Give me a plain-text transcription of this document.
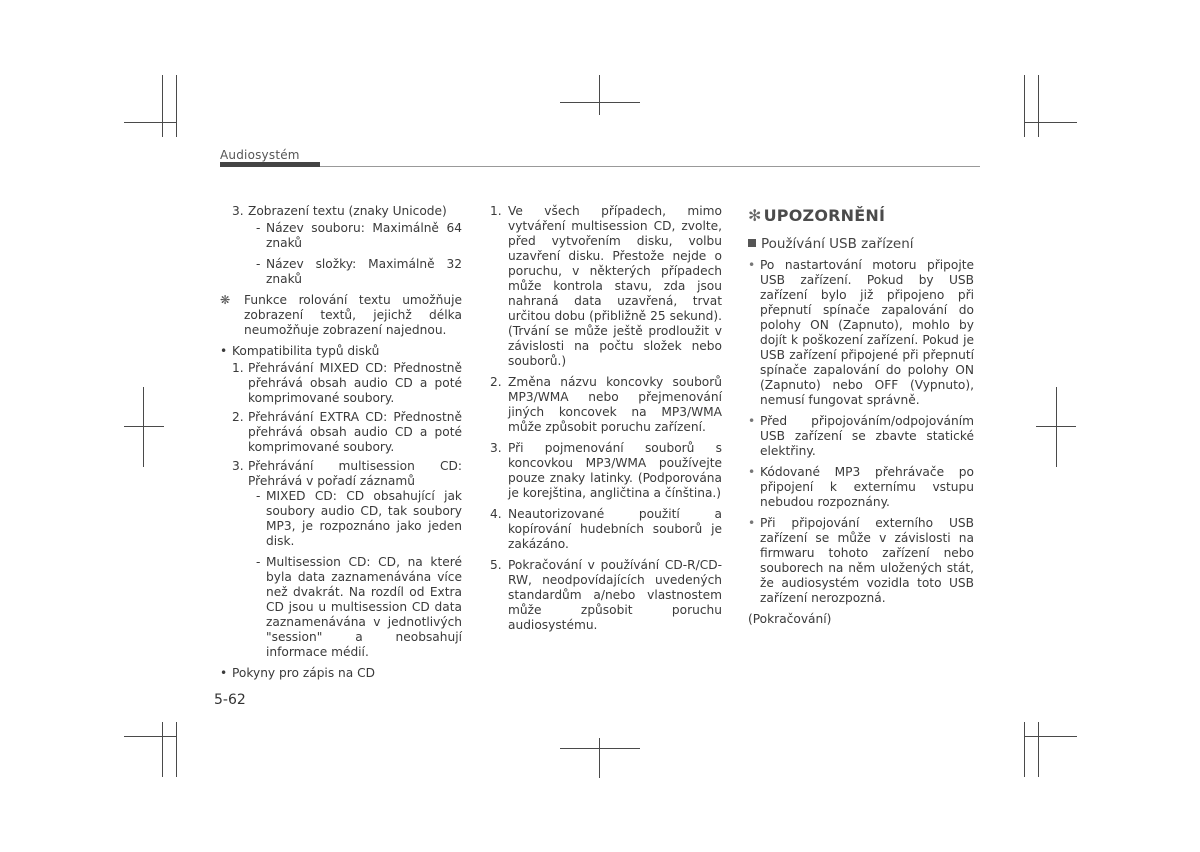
Audiosystém
3. Zobrazení textu (znaky Unicode)
- Název souboru: Maximálně 64 znaků
- Název složky: Maximálně 32 znaků
❋	Funkce rolování textu umožňuje zobrazení textů, jejichž délka neumožňuje zobrazení najednou.
• Kompatibilita typů disků
1. Přehrávání MIXED CD: Přednostně přehrává obsah audio CD a poté komprimované soubory.
2. Přehrávání EXTRA CD: Přednostně přehrává obsah audio CD a poté komprimované soubory.
3. Přehrávání multisession CD: Přehrává v pořadí záznamů
- MIXED CD: CD obsahující jak soubory audio CD, tak soubory MP3, je rozpoznáno jako jeden disk.
- Multisession CD: CD, na které byla data zaznamenávána více než dvakrát. Na rozdíl od Extra CD jsou u multisession CD data zaznamenávána v jednotlivých "session" a neobsahují informace médií.
• Pokyny pro zápis na CD
1. Ve všech případech, mimo vytváření multisession CD, zvolte, před vytvořením disku, volbu uzavření disku. Přestože nejde o poruchu, v některých případech může kontrola stavu, zda jsou nahraná data uzavřená, trvat určitou dobu (přibližně 25 sekund). (Trvání se může ještě prodloužit v závislosti na počtu složek nebo souborů.)
2. Změna názvu koncovky souborů MP3/WMA nebo přejmenování jiných koncovek na MP3/WMA může způsobit poruchu zařízení.
3. Při pojmenování souborů s koncovkou MP3/WMA používejte pouze znaky latinky. (Podporována je korejština, angličtina a čínština.)
4. Neautorizované použití a kopírování hudebních souborů je zakázáno.
5. Pokračování v používání CD-R/CD-RW, neodpovídajících uvedených standardům a/nebo vlastnostem může způsobit poruchu audiosystému.
✻ UPOZORNĚNÍ
Používání USB zařízení
• Po nastartování motoru připojte USB zařízení. Pokud by USB zařízení bylo již připojeno při přepnutí spínače zapalování do polohy ON (Zapnuto), mohlo by dojít k poškození zařízení. Pokud je USB zařízení připojené při přepnutí spínače zapalování do polohy ON (Zapnuto) nebo OFF (Vypnuto), nemusí fungovat správně.
• Před připojováním/odpojováním USB zařízení se zbavte statické elektřiny.
• Kódované MP3 přehrávače po připojení k externímu vstupu nebudou rozpoznány.
• Při připojování externího USB zařízení se může v závislosti na firmwaru tohoto zařízení nebo souborech na něm uložených stát, že audiosystém vozidla toto USB zařízení nerozpozná.
(Pokračování)
5-62
